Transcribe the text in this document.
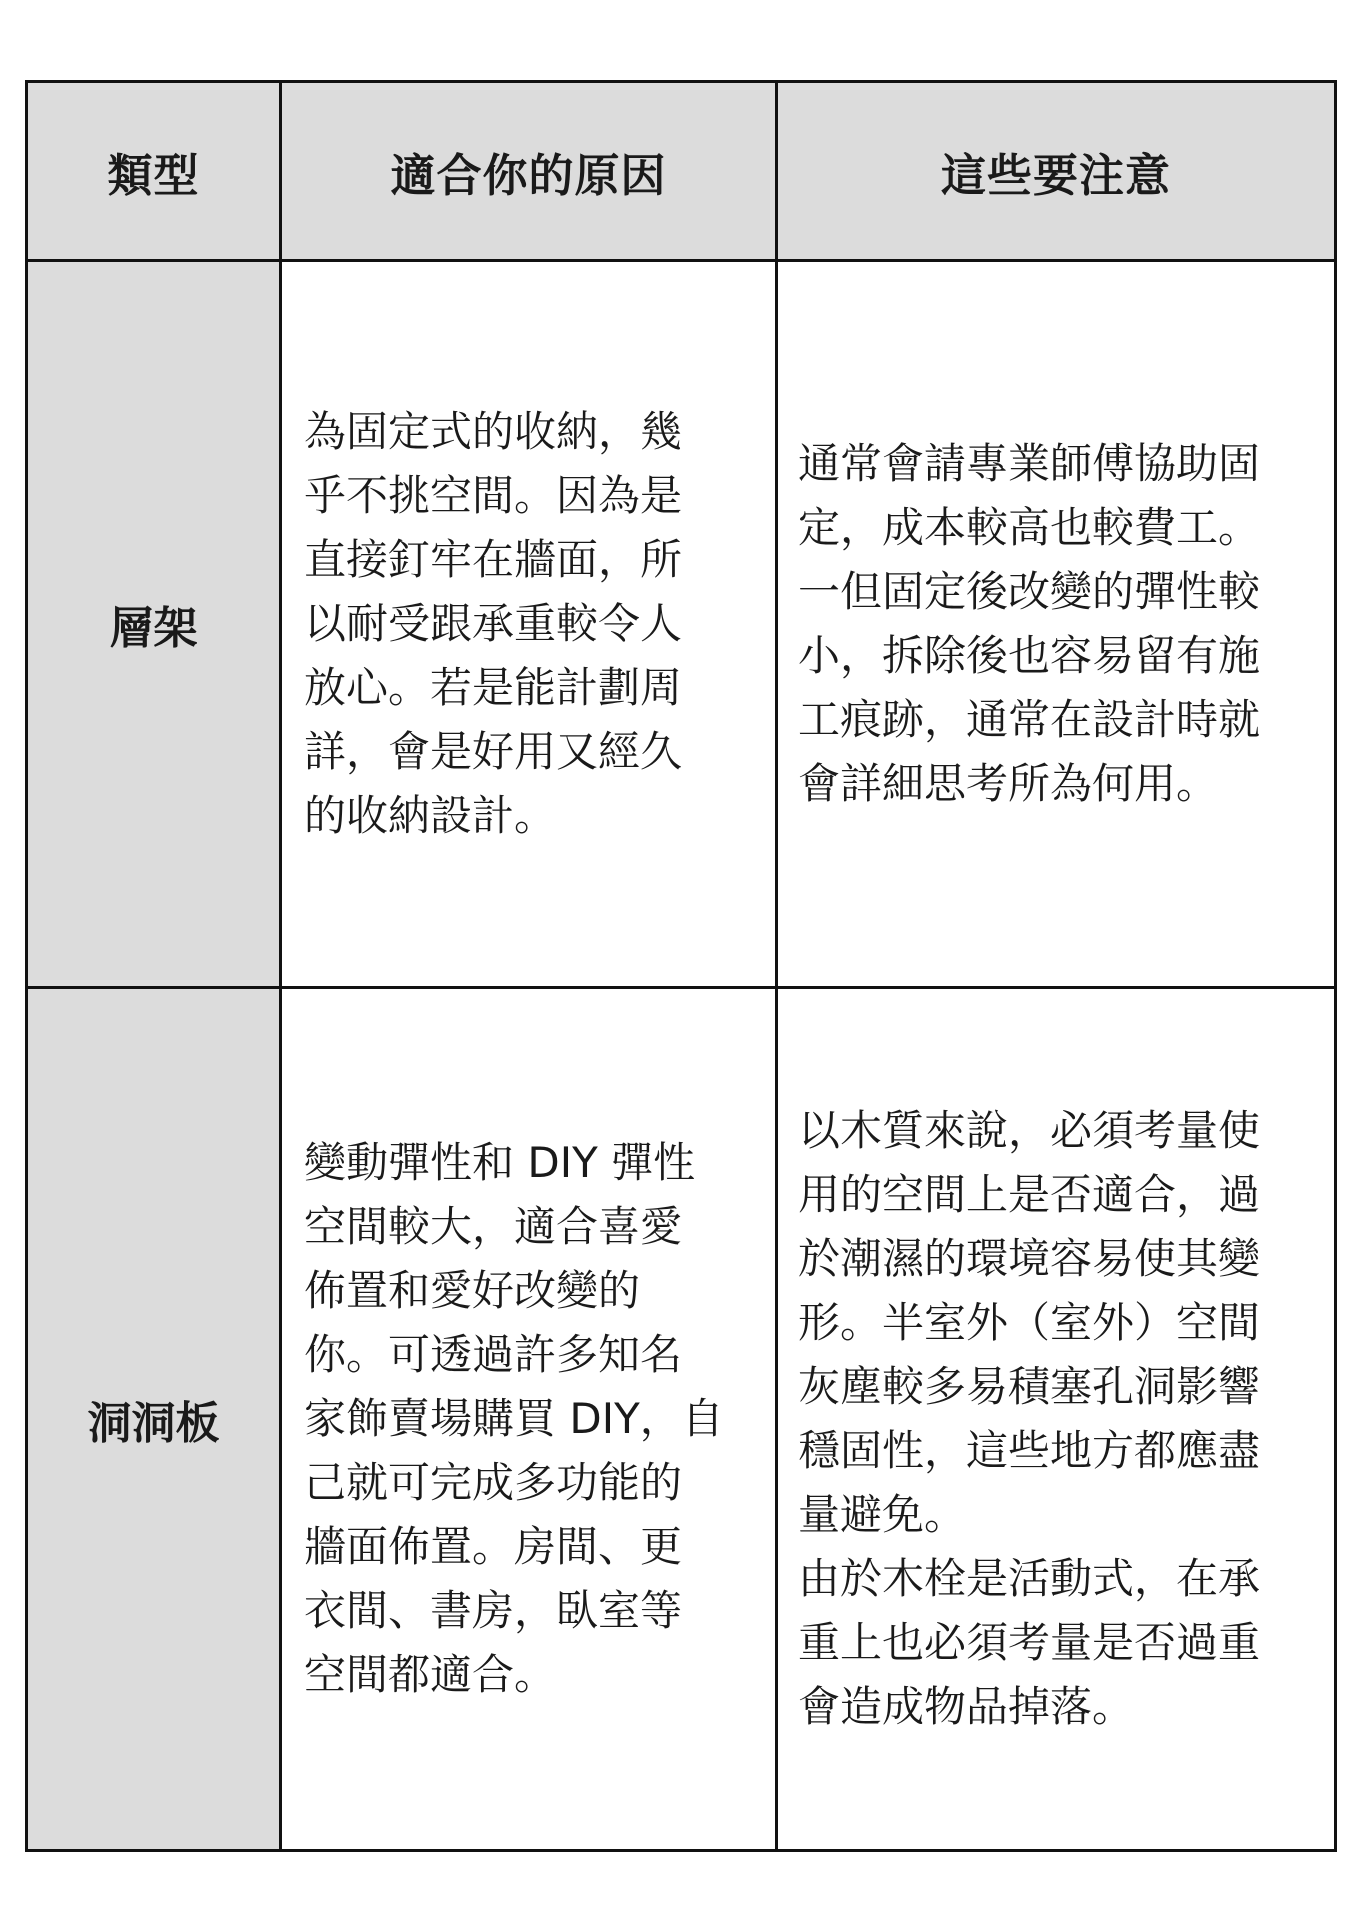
類型	適合你的原因	這些要注意
層架
為固定式的收納，幾
乎不挑空間。因為是
直接釘牢在牆面，所
以耐受跟承重較令人
放心。若是能計劃周
詳，會是好用又經久
的收納設計。
通常會請專業師傅協助固
定，成本較高也較費工。
一但固定後改變的彈性較
小，拆除後也容易留有施
工痕跡，通常在設計時就
會詳細思考所為何用。
洞洞板
變動彈性和 DIY 彈性
空間較大，適合喜愛
佈置和愛好改變的
你。可透過許多知名
家飾賣場購買 DIY，自
己就可完成多功能的
牆面佈置。房間、更
衣間、書房，臥室等
空間都適合。
以木質來說，必須考量使
用的空間上是否適合，過
於潮濕的環境容易使其變
形。半室外（室外）空間
灰塵較多易積塞孔洞影響
穩固性，這些地方都應盡
量避免。
由於木栓是活動式，在承
重上也必須考量是否過重
會造成物品掉落。
